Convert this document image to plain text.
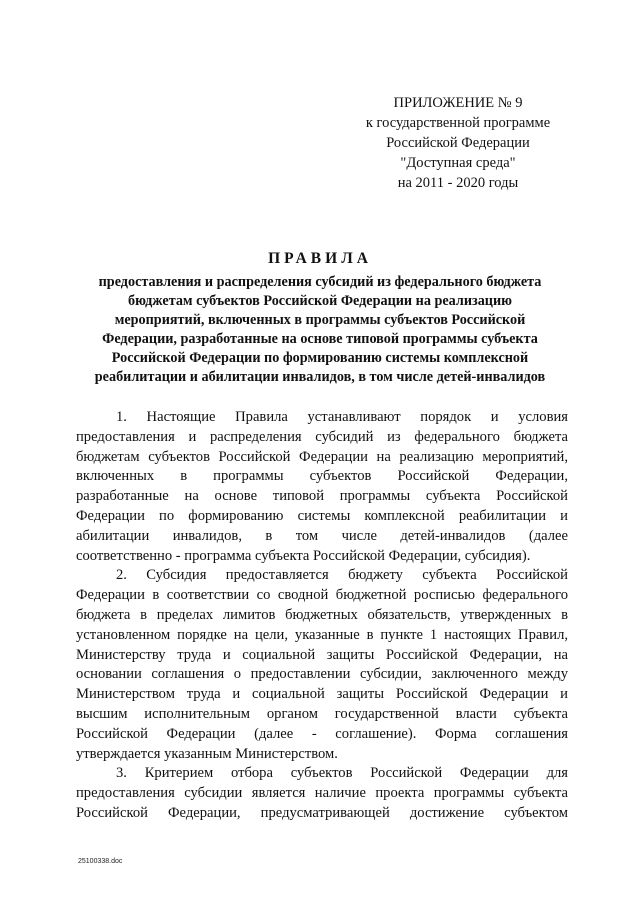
ПРИЛОЖЕНИЕ № 9
к государственной программе
Российской Федерации
"Доступная среда"
на 2011 - 2020 годы
ПРАВИЛА
предоставления и распределения субсидий из федерального бюджета
бюджетам субъектов Российской Федерации на реализацию
мероприятий, включенных в программы субъектов Российской
Федерации, разработанные на основе типовой программы субъекта
Российской Федерации по формированию системы комплексной
реабилитации и абилитации инвалидов, в том числе детей-инвалидов
1. Настоящие Правила устанавливают порядок и условия
предоставления и распределения субсидий из федерального бюджета
бюджетам субъектов Российской Федерации на реализацию мероприятий,
включенных в программы субъектов Российской Федерации,
разработанные на основе типовой программы субъекта Российской
Федерации по формированию системы комплексной реабилитации и
абилитации инвалидов, в том числе детей-инвалидов (далее
соответственно - программа субъекта Российской Федерации, субсидия).
2. Субсидия предоставляется бюджету субъекта Российской
Федерации в соответствии со сводной бюджетной росписью федерального
бюджета в пределах лимитов бюджетных обязательств, утвержденных в
установленном порядке на цели, указанные в пункте 1 настоящих Правил,
Министерству труда и социальной защиты Российской Федерации, на
основании соглашения о предоставлении субсидии, заключенного между
Министерством труда и социальной защиты Российской Федерации и
высшим исполнительным органом государственной власти субъекта
Российской Федерации (далее - соглашение). Форма соглашения
утверждается указанным Министерством.
3. Критерием отбора субъектов Российской Федерации для
предоставления субсидии является наличие проекта программы субъекта
Российской Федерации, предусматривающей достижение субъектом
25100338.doc
